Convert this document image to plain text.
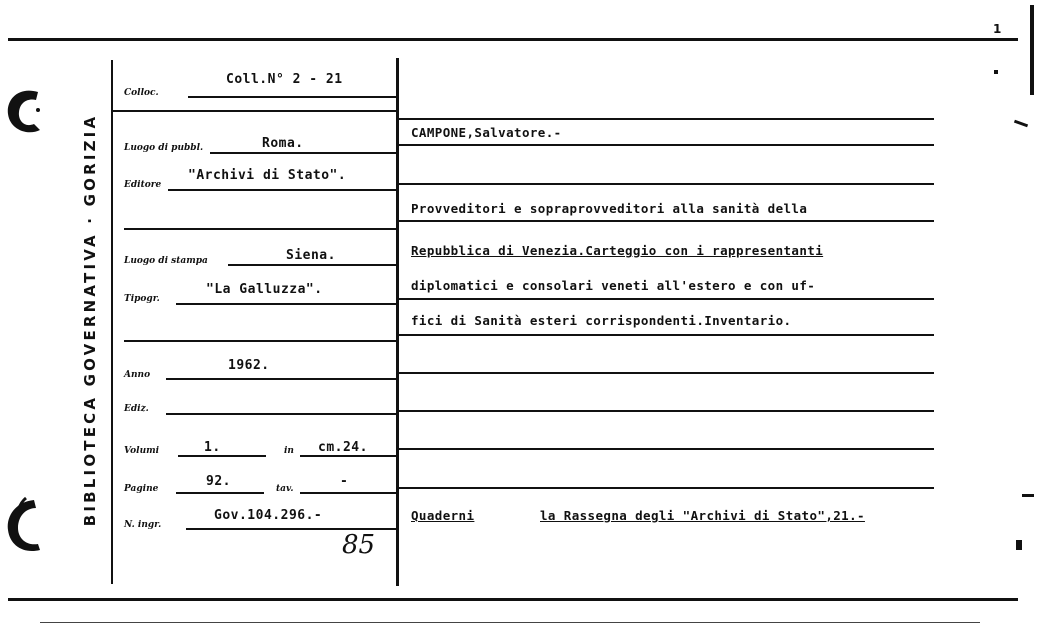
1
BIBLIOTECA GOVERNATIVA · GORIZIA
Colloc.
Coll.N° 2 - 21
Luogo di pubbl.	Roma.
Editore
"Archivi di Stato".
Luogo di stampa	Siena.
Tipogr.
"La Galluzza".
Anno
1962.
Ediz.
Volumi	1.	in cm.24.
Pagine	92.	tav.	-
N. ingr.
Gov.104.296.-
85
CAMPONE,Salvatore.-
Provveditori e sopraprovveditori alla sanità della
Repubblica di Venezia.Carteggio con i rappresentanti
diplomatici e consolari veneti all'estero e con uf-
fici di Sanità esteri corrispondenti.Inventario.
Quaderni	la Rassegna degli "Archivi di Stato",21.-
